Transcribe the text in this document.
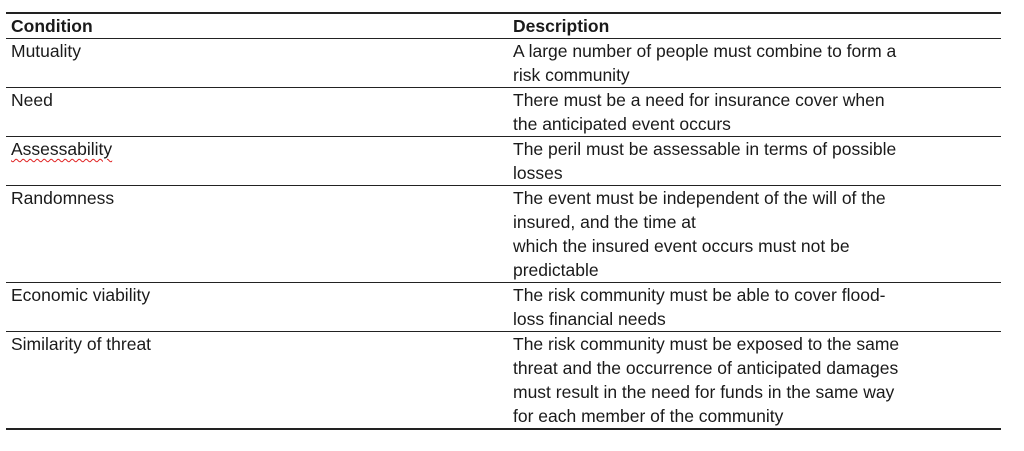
Condition	Description
Mutuality	A large number of people must combine to form a
risk community
Need	There must be a need for insurance cover when
the anticipated event occurs
Assessability	The peril must be assessable in terms of possible
losses
Randomness	The event must be independent of the will of the
insured, and the time at
which the insured event occurs must not be
predictable
Economic viability	The risk community must be able to cover flood-
loss financial needs
Similarity of threat	The risk community must be exposed to the same
threat and the occurrence of anticipated damages
must result in the need for funds in the same way
for each member of the community
